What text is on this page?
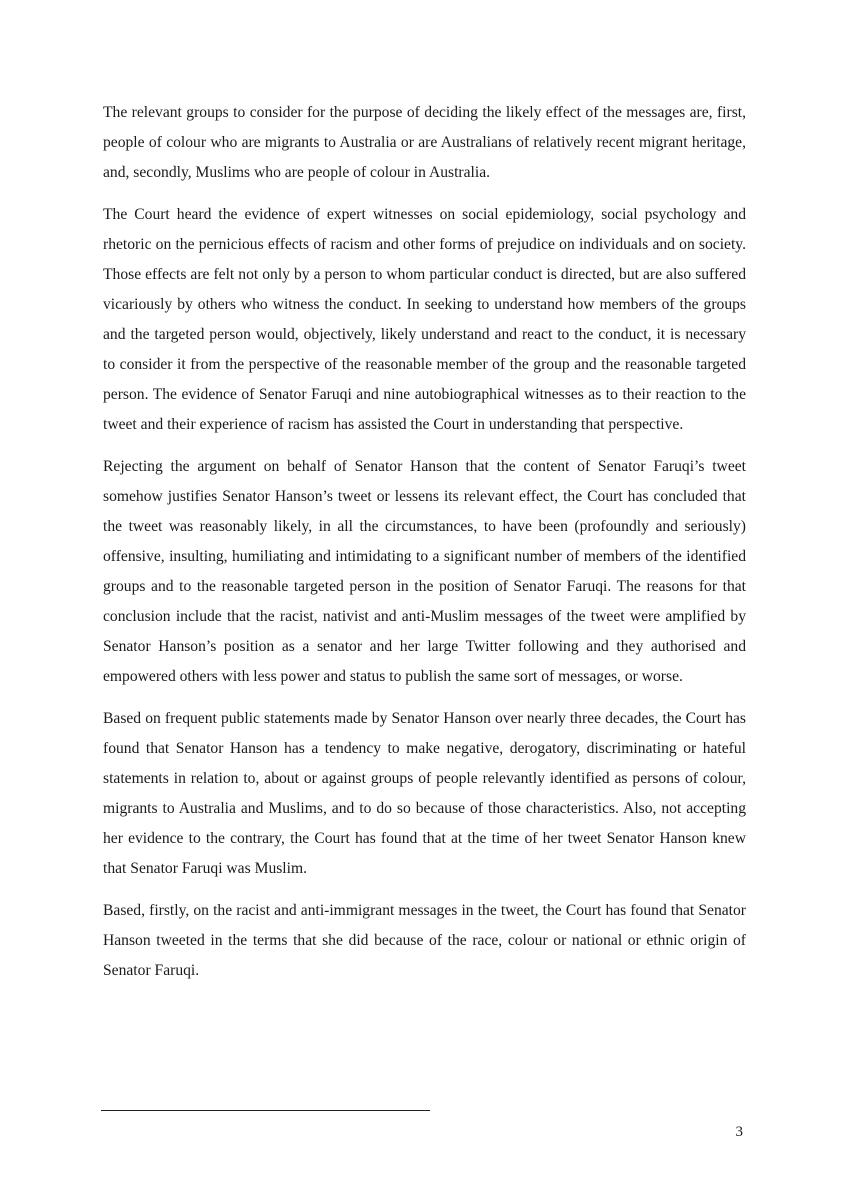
The relevant groups to consider for the purpose of deciding the likely effect of the messages are, first, people of colour who are migrants to Australia or are Australians of relatively recent migrant heritage, and, secondly, Muslims who are people of colour in Australia.

The Court heard the evidence of expert witnesses on social epidemiology, social psychology and rhetoric on the pernicious effects of racism and other forms of prejudice on individuals and on society. Those effects are felt not only by a person to whom particular conduct is directed, but are also suffered vicariously by others who witness the conduct. In seeking to understand how members of the groups and the targeted person would, objectively, likely understand and react to the conduct, it is necessary to consider it from the perspective of the reasonable member of the group and the reasonable targeted person. The evidence of Senator Faruqi and nine autobiographical witnesses as to their reaction to the tweet and their experience of racism has assisted the Court in understanding that perspective.

Rejecting the argument on behalf of Senator Hanson that the content of Senator Faruqi’s tweet somehow justifies Senator Hanson’s tweet or lessens its relevant effect, the Court has concluded that the tweet was reasonably likely, in all the circumstances, to have been (profoundly and seriously) offensive, insulting, humiliating and intimidating to a significant number of members of the identified groups and to the reasonable targeted person in the position of Senator Faruqi. The reasons for that conclusion include that the racist, nativist and anti-Muslim messages of the tweet were amplified by Senator Hanson’s position as a senator and her large Twitter following and they authorised and empowered others with less power and status to publish the same sort of messages, or worse.

Based on frequent public statements made by Senator Hanson over nearly three decades, the Court has found that Senator Hanson has a tendency to make negative, derogatory, discriminating or hateful statements in relation to, about or against groups of people relevantly identified as persons of colour, migrants to Australia and Muslims, and to do so because of those characteristics. Also, not accepting her evidence to the contrary, the Court has found that at the time of her tweet Senator Hanson knew that Senator Faruqi was Muslim.

Based, firstly, on the racist and anti-immigrant messages in the tweet, the Court has found that Senator Hanson tweeted in the terms that she did because of the race, colour or national or ethnic origin of Senator Faruqi.

3
